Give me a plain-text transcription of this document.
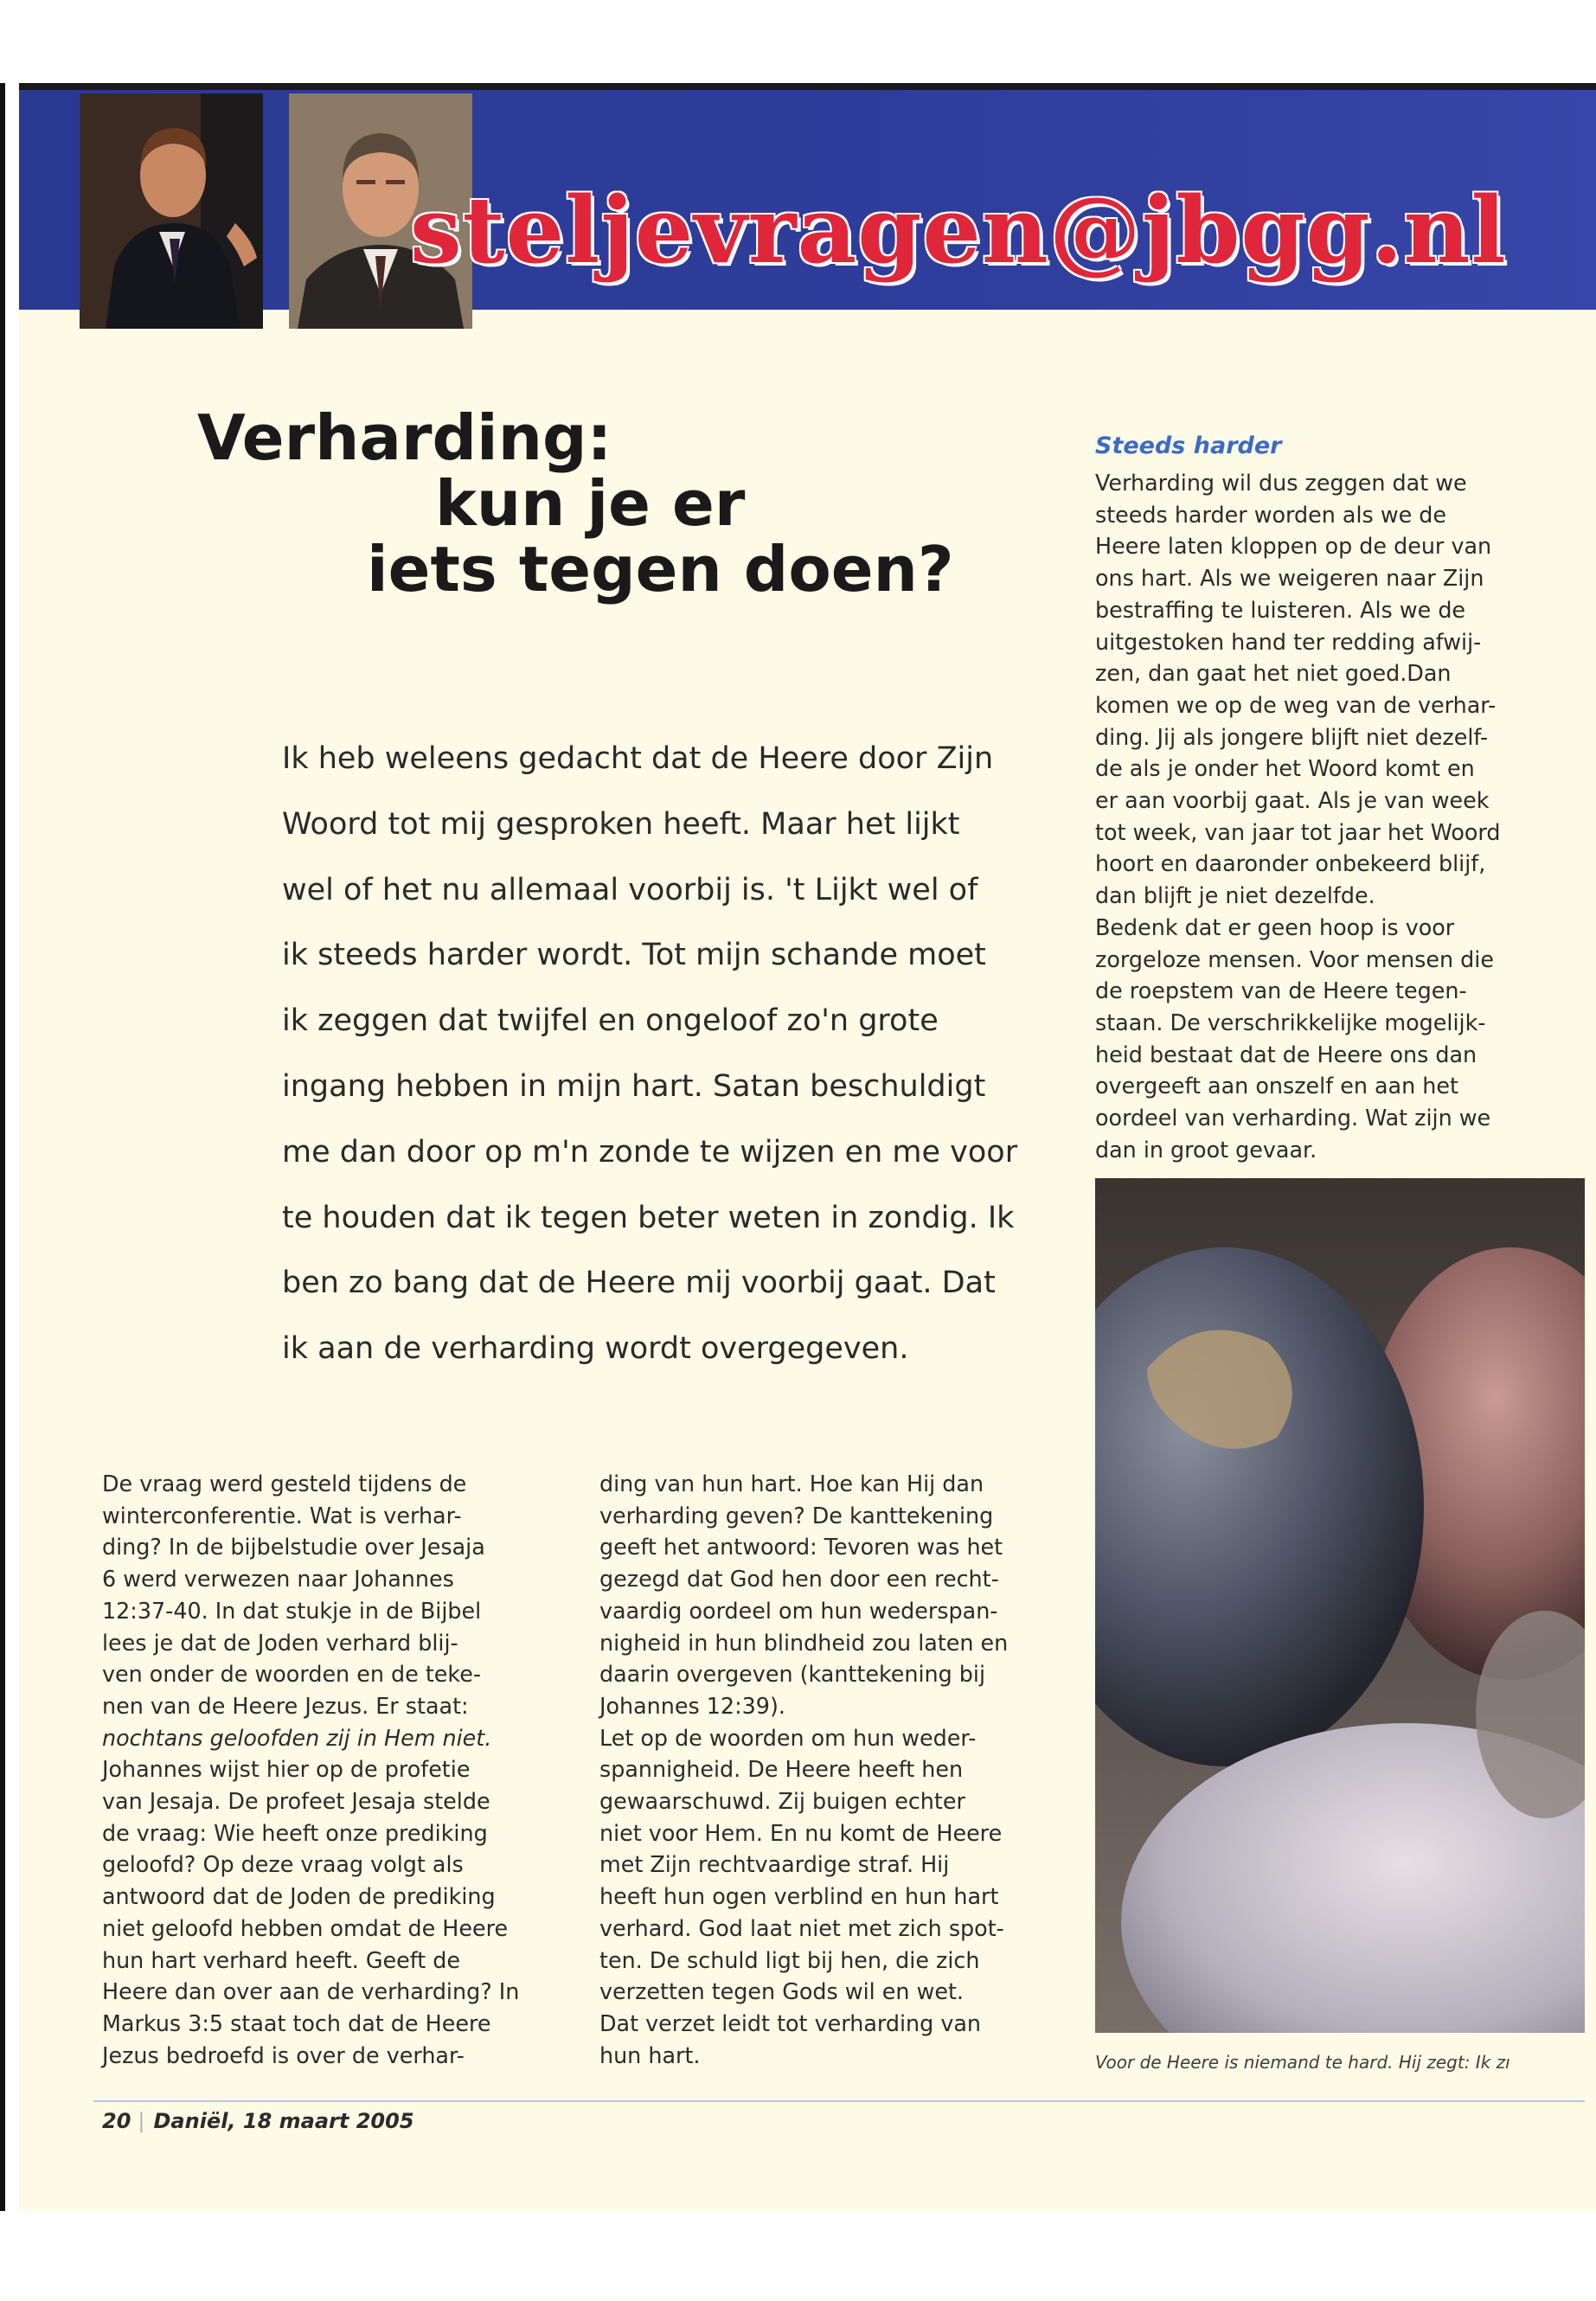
steljevragen@jbgg.nl
Verharding:
kun je er
iets tegen doen?

Ik heb weleens gedacht dat de Heere door Zijn

Woord tot mij gesproken heeft. Maar het lijkt

wel of het nu allemaal voorbij is. 't Lijkt wel of

ik steeds harder wordt. Tot mijn schande moet

ik zeggen dat twijfel en ongeloof zo'n grote

ingang hebben in mijn hart. Satan beschuldigt

me dan door op m'n zonde te wijzen en me voor

te houden dat ik tegen beter weten in zondig. Ik

ben zo bang dat de Heere mij voorbij gaat. Dat

ik aan de verharding wordt overgegeven.

De vraag werd gesteld tijdens de

winterconferentie. Wat is verhar-

ding? In de bijbelstudie over Jesaja

6 werd verwezen naar Johannes

12:37-40. In dat stukje in de Bijbel

lees je dat de Joden verhard blij-

ven onder de woorden en de teke-

nen van de Heere Jezus. Er staat:

nochtans geloofden zij in Hem niet.

Johannes wijst hier op de profetie

van Jesaja. De profeet Jesaja stelde

de vraag: Wie heeft onze prediking

geloofd? Op deze vraag volgt als

antwoord dat de Joden de prediking

niet geloofd hebben omdat de Heere

hun hart verhard heeft. Geeft de

Heere dan over aan de verharding? In

Markus 3:5 staat toch dat de Heere

Jezus bedroefd is over de verhar-

ding van hun hart. Hoe kan Hij dan

verharding geven? De kanttekening

geeft het antwoord: Tevoren was het

gezegd dat God hen door een recht-

vaardig oordeel om hun wederspan-

nigheid in hun blindheid zou laten en

daarin overgeven (kanttekening bij

Johannes 12:39).

Let op de woorden om hun weder-

spannigheid. De Heere heeft hen

gewaarschuwd. Zij buigen echter

niet voor Hem. En nu komt de Heere

met Zijn rechtvaardige straf. Hij

heeft hun ogen verblind en hun hart

verhard. God laat niet met zich spot-

ten. De schuld ligt bij hen, die zich

verzetten tegen Gods wil en wet.

Dat verzet leidt tot verharding van

hun hart.

Steeds harder

Verharding wil dus zeggen dat we

steeds harder worden als we de

Heere laten kloppen op de deur van

ons hart. Als we weigeren naar Zijn

bestraffing te luisteren. Als we de

uitgestoken hand ter redding afwij-

zen, dan gaat het niet goed.Dan

komen we op de weg van de verhar-

ding. Jij als jongere blijft niet dezelf-

de als je onder het Woord komt en

er aan voorbij gaat. Als je van week

tot week, van jaar tot jaar het Woord

hoort en daaronder onbekeerd blijf,

dan blijft je niet dezelfde.

Bedenk dat er geen hoop is voor

zorgeloze mensen. Voor mensen die

de roepstem van de Heere tegen-

staan. De verschrikkelijke mogelijk-

heid bestaat dat de Heere ons dan

overgeeft aan onszelf en aan het

oordeel van verharding. Wat zijn we

dan in groot gevaar.

Voor de Heere is niemand te hard. Hij zegt: Ik zı
20 | Daniël, 18 maart 2005
